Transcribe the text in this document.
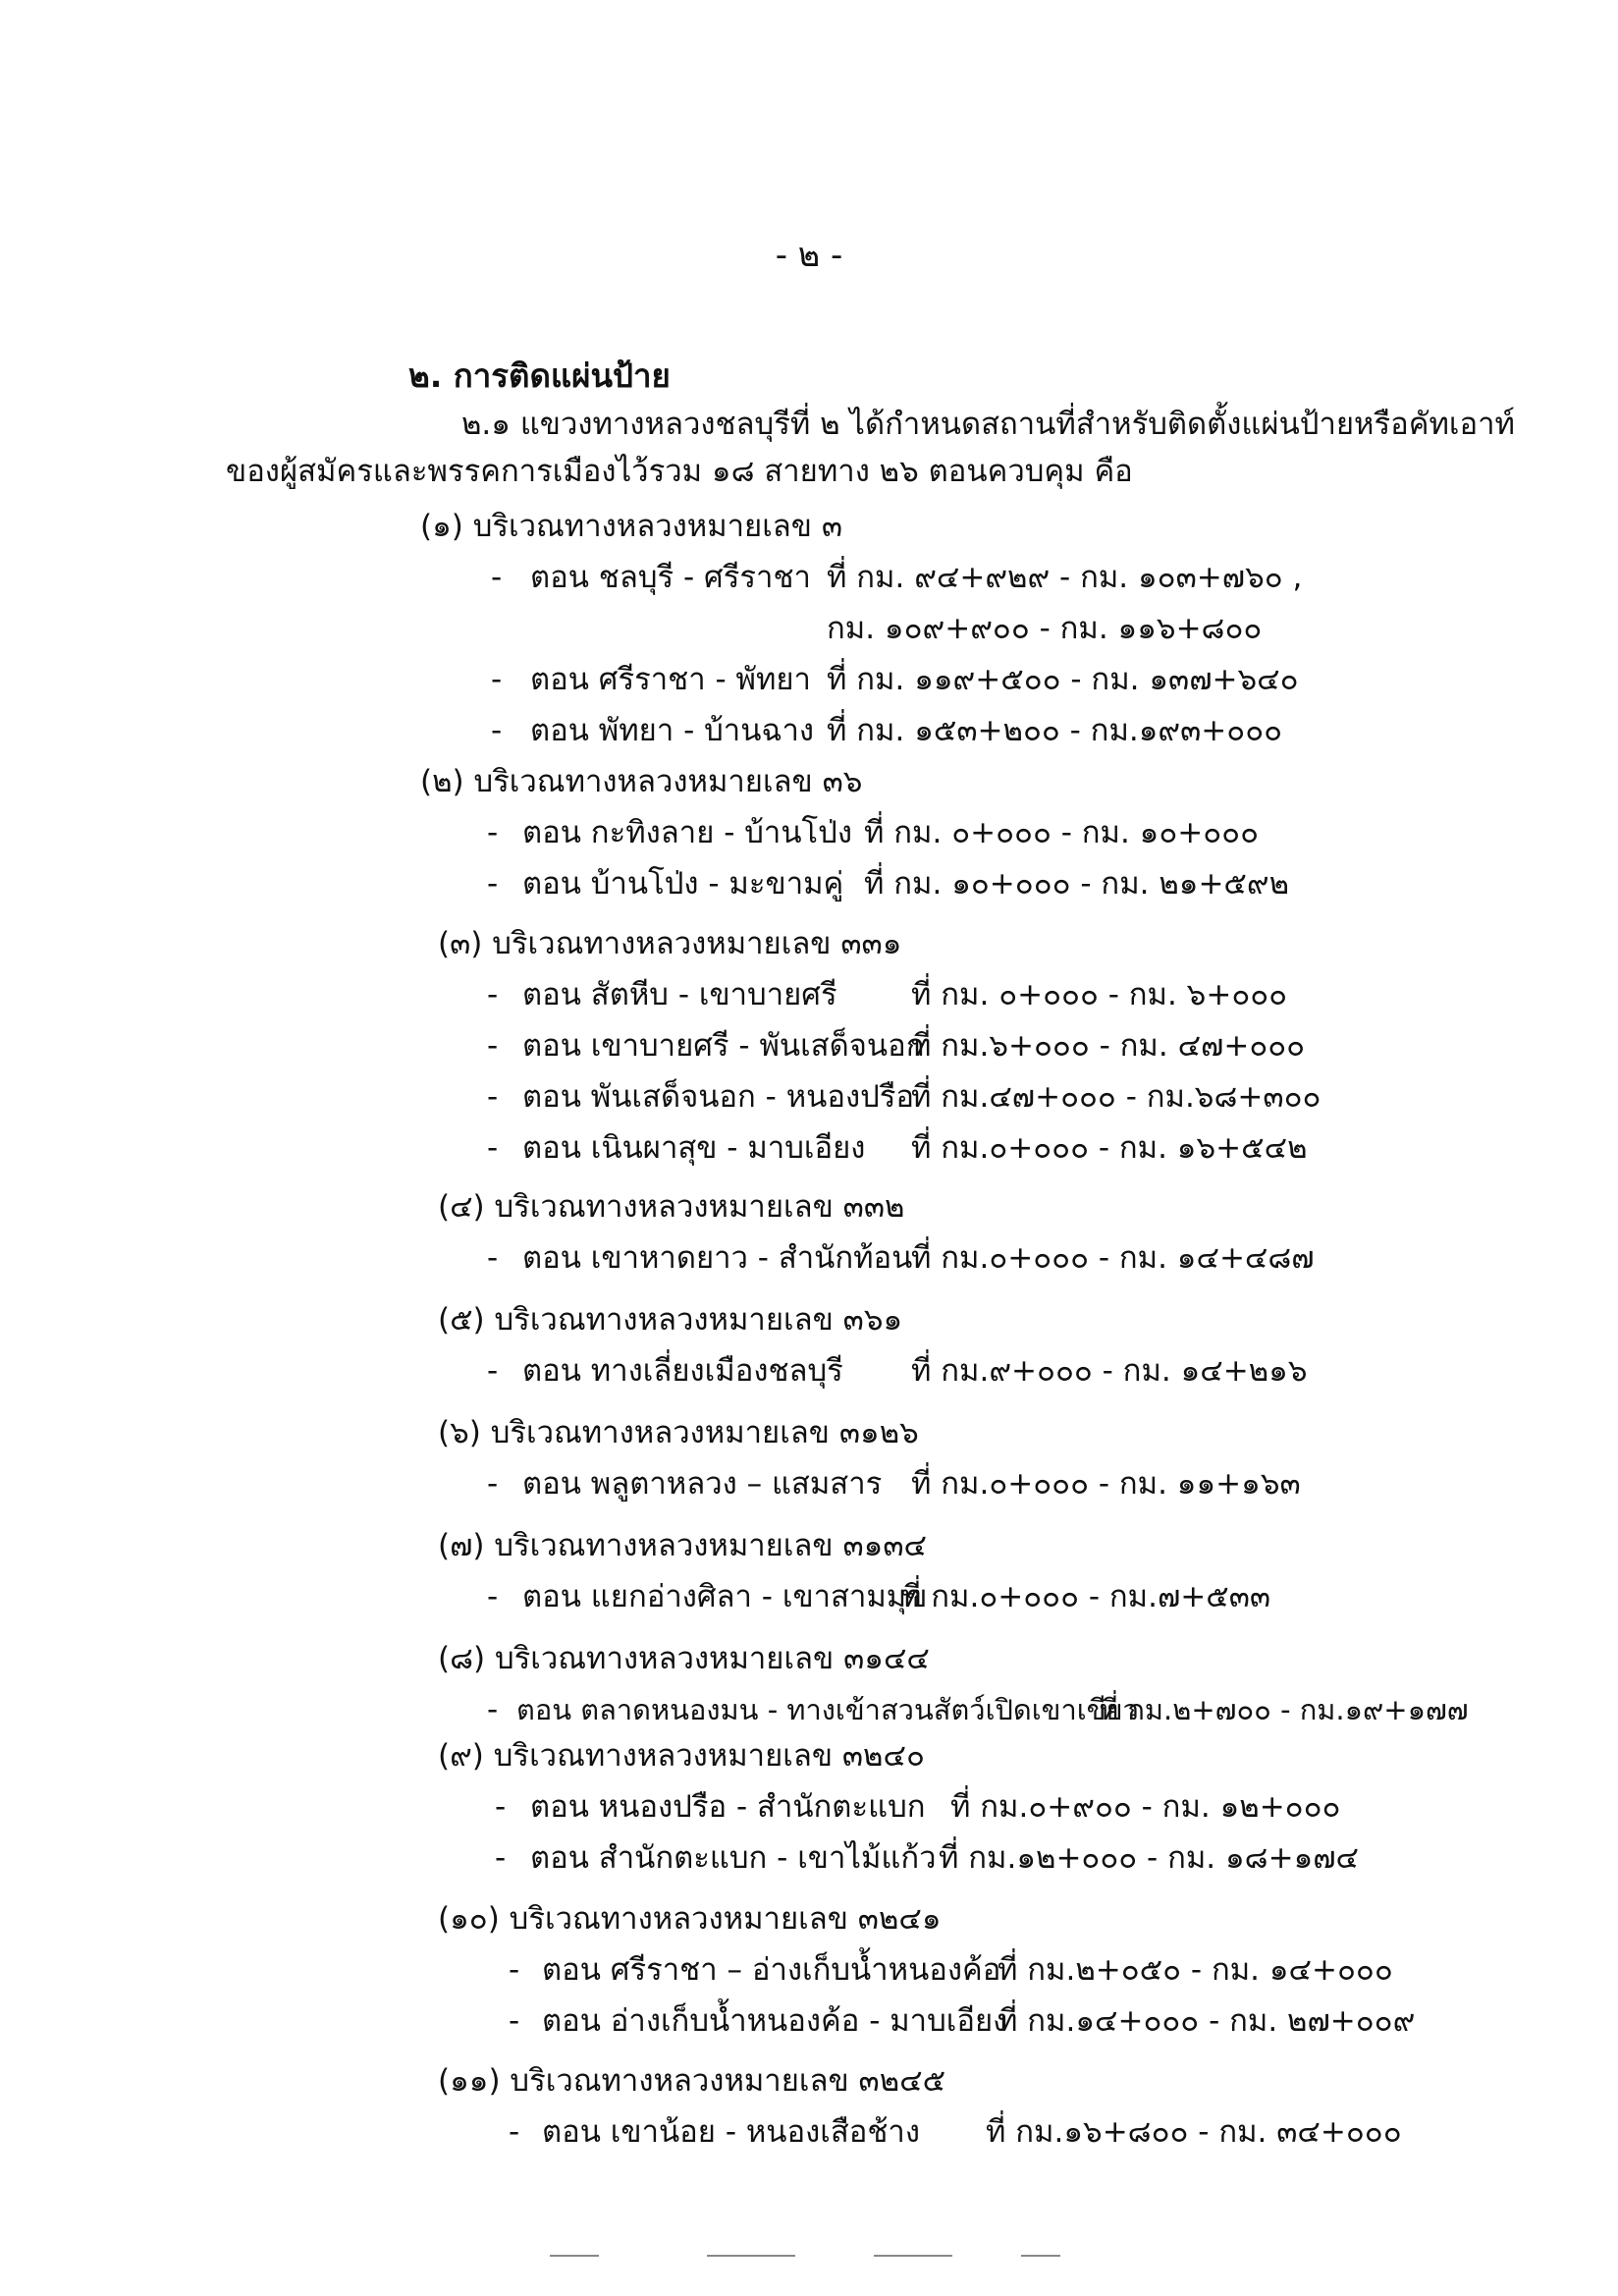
- ๒ -
๒. การติดแผ่นป้าย
๒.๑ แขวงทางหลวงชลบุรีที่ ๒ ได้กำหนดสถานที่สำหรับติดตั้งแผ่นป้ายหรือคัทเอาท์
ของผู้สมัครและพรรคการเมืองไว้รวม ๑๘ สายทาง ๒๖ ตอนควบคุม คือ
(๑) บริเวณทางหลวงหมายเลข ๓
- ตอน ชลบุรี - ศรีราชา ที่ กม. ๙๔+๙๒๙ - กม. ๑๐๓+๗๖๐ ,
กม. ๑๐๙+๙๐๐ - กม. ๑๑๖+๘๐๐
- ตอน ศรีราชา - พัทยา ที่ กม. ๑๑๙+๕๐๐ - กม. ๑๓๗+๖๔๐
- ตอน พัทยา - บ้านฉาง ที่ กม. ๑๕๓+๒๐๐ - กม.๑๙๓+๐๐๐
(๒) บริเวณทางหลวงหมายเลข ๓๖
- ตอน กะทิงลาย - บ้านโป่ง ที่ กม. ๐+๐๐๐ - กม. ๑๐+๐๐๐
- ตอน บ้านโป่ง - มะขามคู่ ที่ กม. ๑๐+๐๐๐ - กม. ๒๑+๕๙๒
(๓) บริเวณทางหลวงหมายเลข ๓๓๑
- ตอน สัตหีบ - เขาบายศรี ที่ กม. ๐+๐๐๐ - กม. ๖+๐๐๐
- ตอน เขาบายศรี - พันเสด็จนอก
ที่ กม.๖+๐๐๐ - กม. ๔๗+๐๐๐
- ตอน พันเสด็จนอก - หนองปรือ
ที่ กม.๔๗+๐๐๐ - กม.๖๘+๓๐๐
- ตอน เนินผาสุข - มาบเอียง ที่ กม.๐+๐๐๐ - กม. ๑๖+๕๔๒
(๔) บริเวณทางหลวงหมายเลข ๓๓๒
- ตอน เขาหาดยาว - สำนักท้อน
ที่ กม.๐+๐๐๐ - กม. ๑๔+๔๘๗
(๕) บริเวณทางหลวงหมายเลข ๓๖๑
- ตอน ทางเลี่ยงเมืองชลบุรี ที่ กม.๙+๐๐๐ - กม. ๑๔+๒๑๖
(๖) บริเวณทางหลวงหมายเลข ๓๑๒๖
- ตอน พลูตาหลวง – แสมสาร ที่ กม.๐+๐๐๐ - กม. ๑๑+๑๖๓
(๗) บริเวณทางหลวงหมายเลข ๓๑๓๔
- ตอน แยกอ่างศิลา - เขาสามมุข
ที่ กม.๐+๐๐๐ - กม.๗+๕๓๓
(๘) บริเวณทางหลวงหมายเลข ๓๑๔๔
- ตอน ตลาดหนองมน - ทางเข้าสวนสัตว์เปิดเขาเขียว
ที่ กม.๒+๗๐๐ - กม.๑๙+๑๗๗
(๙) บริเวณทางหลวงหมายเลข ๓๒๔๐
- ตอน หนองปรือ - สำนักตะแบก ที่ กม.๐+๙๐๐ - กม. ๑๒+๐๐๐
- ตอน สำนักตะแบก - เขาไม้แก้ว ที่ กม.๑๒+๐๐๐ - กม. ๑๘+๑๗๔
(๑๐) บริเวณทางหลวงหมายเลข ๓๒๔๑
- ตอน ศรีราชา – อ่างเก็บน้ำหนองค้อ
ที่ กม.๒+๐๕๐ - กม. ๑๔+๐๐๐
- ตอน อ่างเก็บน้ำหนองค้อ - มาบเอียง
ที่ กม.๑๔+๐๐๐ - กม. ๒๗+๐๐๙
(๑๑) บริเวณทางหลวงหมายเลข ๓๒๔๕
- ตอน เขาน้อย - หนองเสือช้าง ที่ กม.๑๖+๘๐๐ - กม. ๓๔+๐๐๐
